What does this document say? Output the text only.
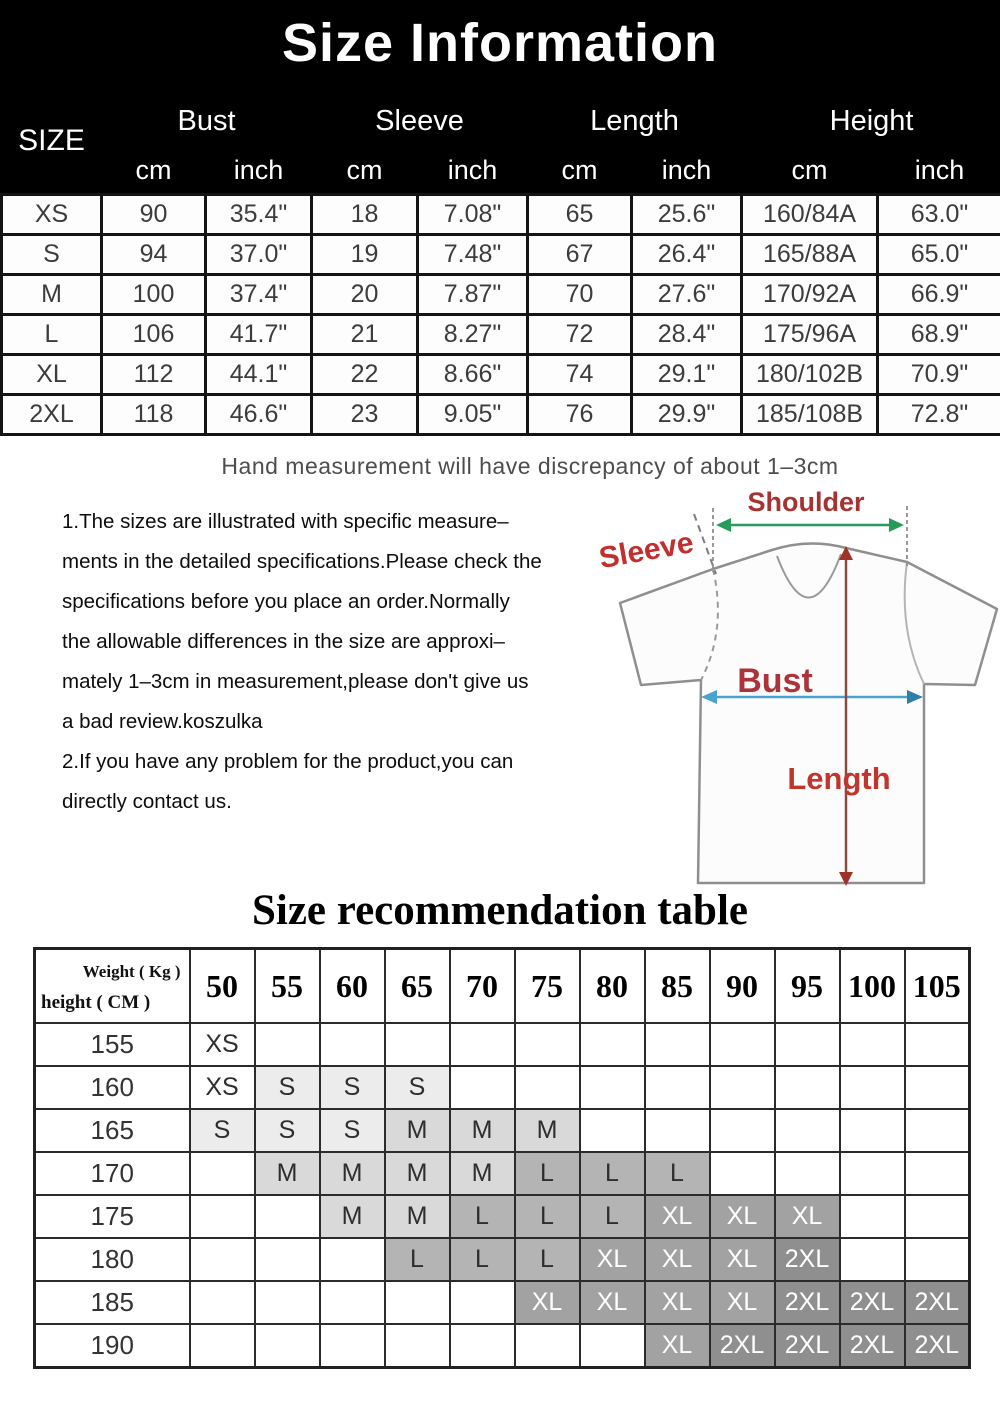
Size Information
SIZE	Bust		Sleeve		Length		Height	
	cm	inch	cm	inch	cm	inch	cm	inch
XS	90	35.4"	18	7.08"	65	25.6"	160/84A	63.0"
S	94	37.0"	19	7.48"	67	26.4"	165/88A	65.0"
M	100	37.4"	20	7.87"	70	27.6"	170/92A	66.9"
L	106	41.7"	21	8.27"	72	28.4"	175/96A	68.9"
XL	112	44.1"	22	8.66"	74	29.1"	180/102B	70.9"
2XL	118	46.6"	23	9.05"	76	29.9"	185/108B	72.8"
Hand measurement will have discrepancy of about 1–3cm
1.The sizes are illustrated with specific measure–
ments in the detailed specifications.Please check the
specifications before you place an order.Normally
the allowable differences in the size are approxi–
mately 1–3cm in measurement,please don't give us
a bad review.koszulka
2.If you have any problem for the product,you can
directly contact us.
Shoulder
Sleeve
Bust
Length
Size recommendation table
Weight ( Kg )
height ( CM )	50	55	60	65	70	75	80	85	90	95	100	105
155	XS											
160	XS	S	S	S								
165	S	S	S	M	M	M						
170		M	M	M	M	L	L	L				
175			M	M	L	L	L	XL	XL	XL		
180				L	L	L	XL	XL	XL	2XL		
185						XL	XL	XL	XL	2XL	2XL	2XL
190								XL	2XL	2XL	2XL	2XL
